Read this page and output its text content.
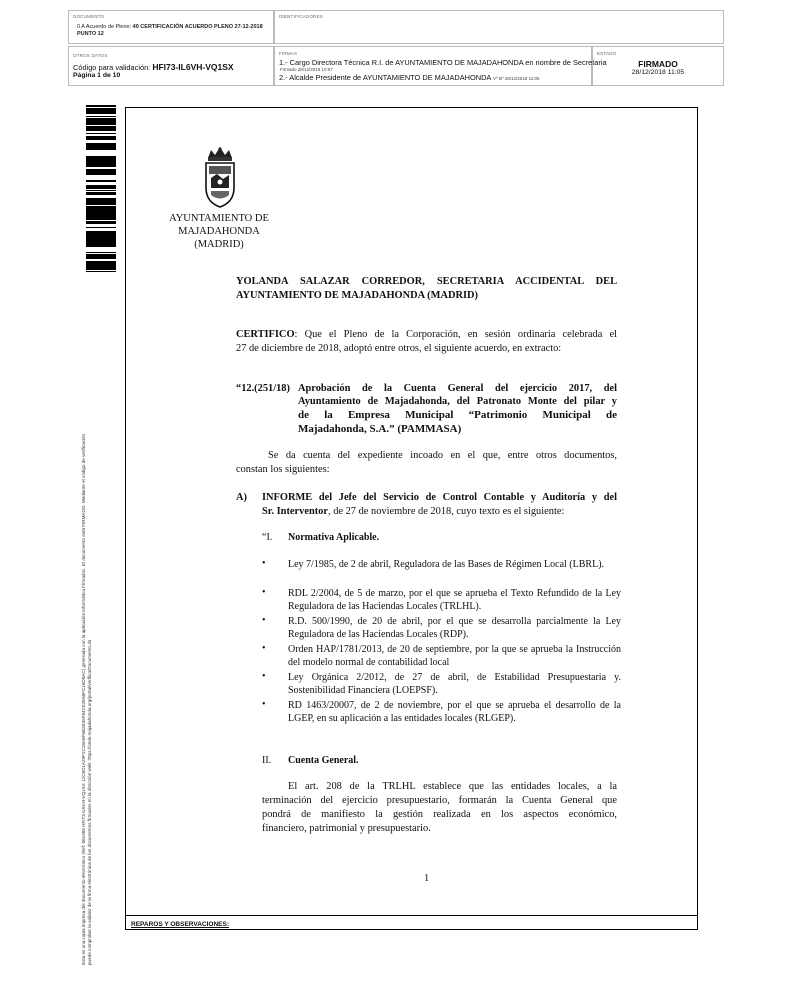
DOCUMENTO
0 A Acuerdo de Pleno: 40 CERTIFICACIÓN ACUERDO PLENO 27-12-2018
PUNTO 12
IDENTIFICADORES
OTROS DATOS
Código para validación: HFI73-IL6VH-VQ1SX
Página 1 de 10
FIRMAS
1.- Cargo Directora Técnica R.I. de AYUNTAMIENTO DE MAJADAHONDA en nombre de Secretaria
Firmado 28/12/2018 10:57
2.- Alcalde Presidente de AYUNTAMIENTO DE MAJADAHONDA Vº Bº 28/12/2018 11:05
ESTADO
FIRMADO
28/12/2018 11:05
Esta es una copia impresa del documento electrónico (Ref: 861585 HFI73-IL6VH-VQ1SX 12C6D1A29F2C18A6F6B2E35F84C52E66FC16D9AC) generada con la aplicación informática Firmadoc. El documento está FIRMADO. Mediante el código de verificación puede comprobar la validez de la firma electrónica de los documentos firmados en la dirección web: https://sede.majadahonda.org/portal/verificarDocumento.do	REPAROS Y OBSERVACIONES:
AYUNTAMIENTO DE
MAJADAHONDA
(MADRID)
YOLANDA SALAZAR CORREDOR, SECRETARIA ACCIDENTAL DEL
AYUNTAMIENTO DE MAJADAHONDA (MADRID)
CERTIFICO: Que el Pleno de la Corporación, en sesión ordinaria celebrada el
27 de diciembre de 2018, adoptó entre otros, el siguiente acuerdo, en extracto:
“12.(251/18) Aprobación de la Cuenta General del ejercicio 2017, del
Ayuntamiento de Majadahonda, del Patronato Monte del pilar y
de la Empresa Municipal “Patrimonio Municipal de
Majadahonda, S.A.” (PAMMASA)
Se da cuenta del expediente incoado en el que, entre otros documentos,
constan los siguientes:
A) INFORME del Jefe del Servicio de Control Contable y Auditoría y del
Sr. Interventor, de 27 de noviembre de 2018, cuyo texto es el siguiente:
“I. Normativa Aplicable.
• Ley 7/1985, de 2 de abril, Reguladora de las Bases de Régimen Local (LBRL).
• RDL 2/2004, de 5 de marzo, por el que se aprueba el Texto Refundido de la Ley Reguladora de las Haciendas Locales (TRLHL).
• R.D. 500/1990, de 20 de abril, por el que se desarrolla parcialmente la Ley Reguladora de las Haciendas Locales (RDP).
• Orden HAP/1781/2013, de 20 de septiembre, por la que se aprueba la Instrucción del modelo normal de contabilidad local
• Ley Orgánica 2/2012, de 27 de abril, de Estabilidad Presupuestaria y. Sostenibilidad Financiera (LOEPSF).
• RD 1463/20007, de 2 de noviembre, por el que se aprueba el desarrollo de la LGEP, en su aplicación a las entidades locales (RLGEP).
II. Cuenta General.
El art. 208 de la TRLHL establece que las entidades locales, a la
terminación del ejercicio presupuestario, formarán la Cuenta General que
pondrá de manifiesto la gestión realizada en los aspectos económico,
financiero, patrimonial y presupuestario.
1
